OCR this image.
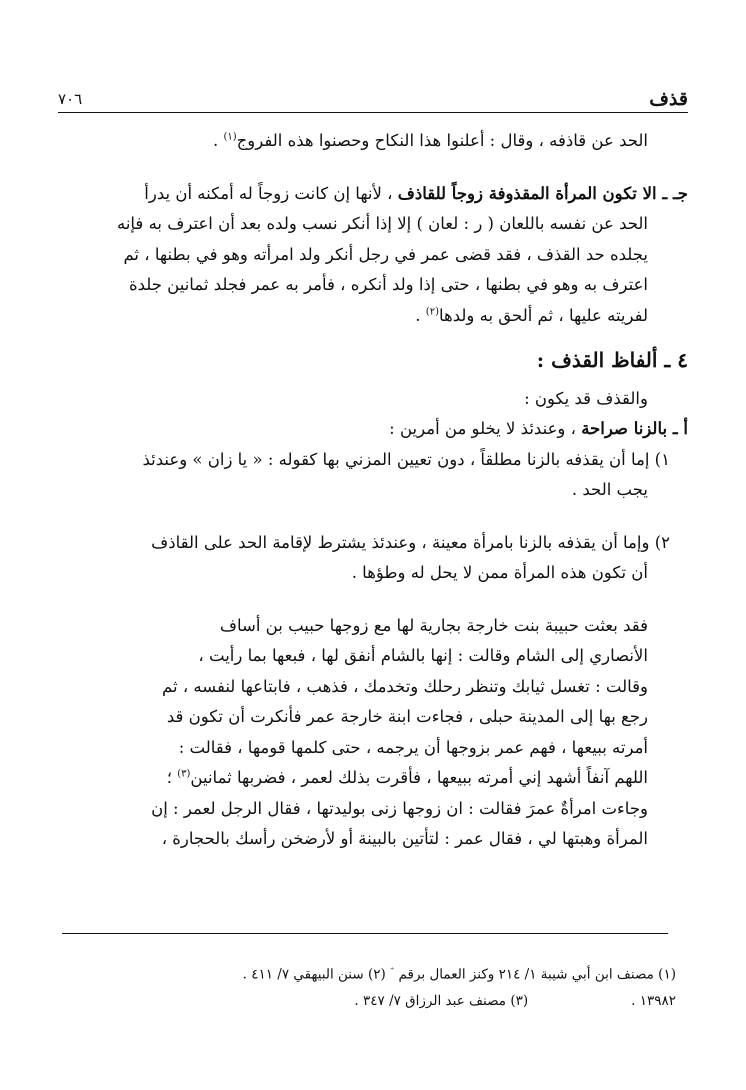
قذف
٧٠٦

الحد عن قاذفه ، وقال : أعلنوا هذا النكاح وحصنوا هذه الفروج$^{(١)}$ .

جـ ـ الا تكون المرأة المقذوفة زوجاً للقاذف ، لأنها إن كانت زوجاً له أمكنه أن يدرأ

الحد عن نفسه باللعان ( ر : لعان ) إلا إذا أنكر نسب ولده بعد أن اعترف به فإنه

يجلده حد القذف ، فقد قضى عمر في رجل أنكر ولد امرأته وهو في بطنها ، ثم

اعترف به وهو في بطنها ، حتى إذا ولد أنكره ، فأمر به عمر فجلد ثمانين جلدة

لفريته عليها ، ثم ألحق به ولدها$^{(٢)}$ .

٤ ـ ألفاظ القذف :

والقذف قد يكون :

أ ـ بالزنا صراحة ، وعندئذ لا يخلو من أمرين :

١) إما أن يقذفه بالزنا مطلقاً ، دون تعيين المزني بها كقوله : « يا زان » وعندئذ

يجب الحد .

٢) وإما أن يقذفه بالزنا بامرأة معينة ، وعندئذ يشترط لإقامة الحد على القاذف

أن تكون هذه المرأة ممن لا يحل له وطؤها .

فقد بعثت حبيبة بنت خارجة بجارية لها مع زوجها حبيب بن أساف

الأنصاري إلى الشام وقالت : إنها بالشام أنفق لها ، فبعها بما رأيت ،

وقالت : تغسل ثيابك وتنظر رحلك وتخدمك ، فذهب ، فابتاعها لنفسه ، ثم

رجع بها إلى المدينة حبلى ، فجاءت ابنة خارجة عمر فأنكرت أن تكون قد

أمرته ببيعها ، فهم عمر بزوجها أن يرجمه ، حتى كلمها قومها ، فقالت :

اللهم آنفاً أشهد إني أمرته ببيعها ، فأقرت بذلك لعمر ، فضربها ثمانين$^{(٣)}$ ؛

وجاءت امرأةٌ عمرَ فقالت : ان زوجها زنى بوليدتها ، فقال الرجل لعمر : إن

المرأة وهبتها لي ، فقال عمر : لتأتين بالبينة أو لأرضخن رأسك بالحجارة ،

(١) مصنف ابن أبي شيبة ١/ ٢١٤ وكنز العمال برقم⁺(٢) سنن البيهقي ٧/ ٤١١ .

١٣٩٨٢ .                        (٣) مصنف عبد الرزاق ٧/ ٣٤٧ .
